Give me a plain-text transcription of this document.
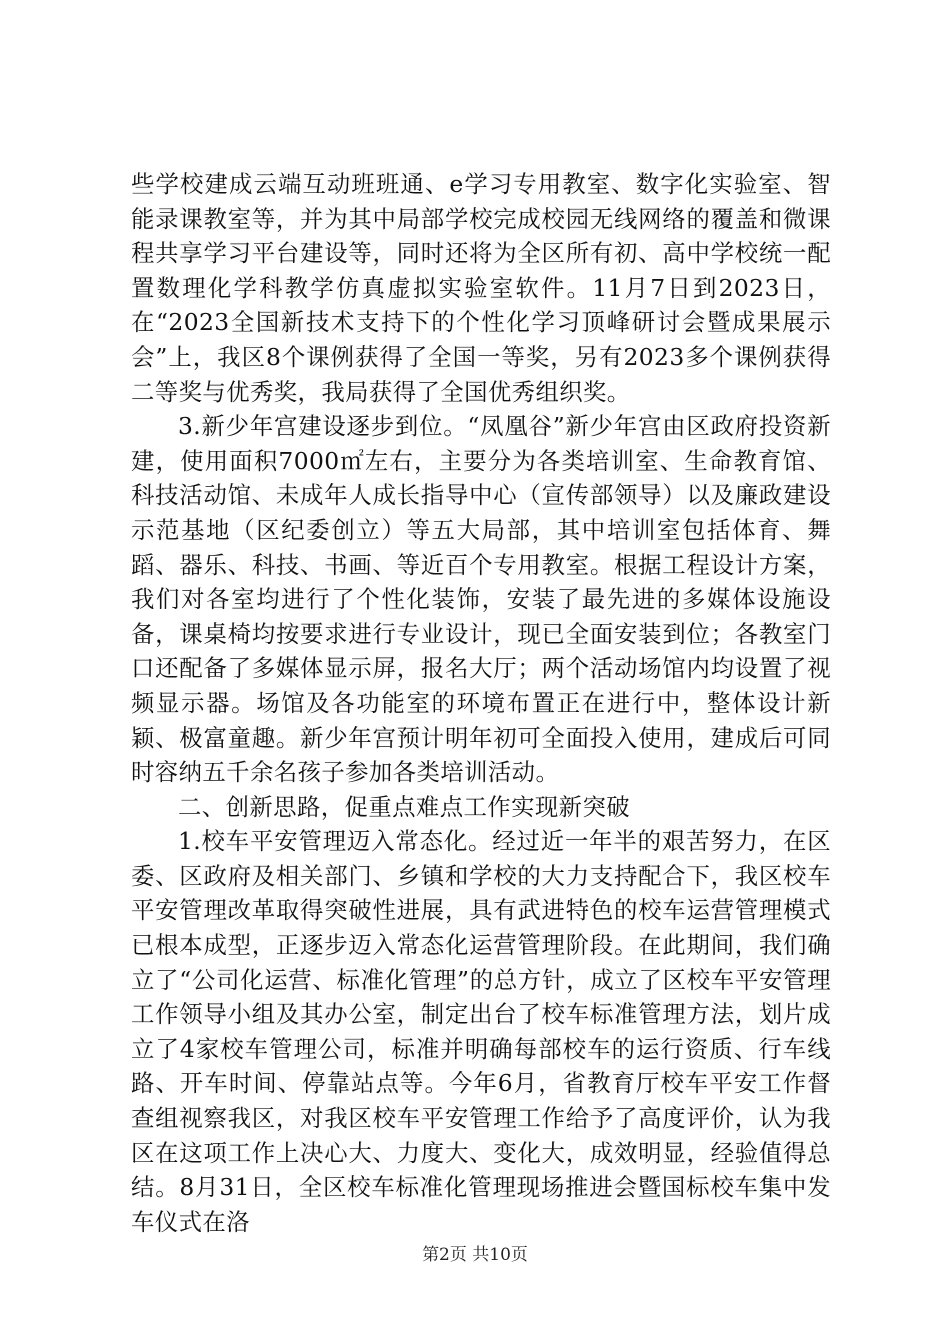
些学校建成云端互动班班通、e学习专用教室、数字化实验室、智能录课教室等，并为其中局部学校完成校园无线网络的覆盖和微课程共享学习平台建设等，同时还将为全区所有初、高中学校统一配置数理化学科教学仿真虚拟实验室软件。11月7日到2023日，在“2023全国新技术支持下的个性化学习顶峰研讨会暨成果展示会”上，我区8个课例获得了全国一等奖，另有2023多个课例获得二等奖与优秀奖，我局获得了全国优秀组织奖。

3.新少年宫建设逐步到位。“凤凰谷”新少年宫由区政府投资新建，使用面积7000㎡左右，主要分为各类培训室、生命教育馆、科技活动馆、未成年人成长指导中心（宣传部领导）以及廉政建设示范基地（区纪委创立）等五大局部，其中培训室包括体育、舞蹈、器乐、科技、书画、等近百个专用教室。根据工程设计方案，我们对各室均进行了个性化装饰，安装了最先进的多媒体设施设备，课桌椅均按要求进行专业设计，现已全面安装到位；各教室门口还配备了多媒体显示屏，报名大厅；两个活动场馆内均设置了视频显示器。场馆及各功能室的环境布置正在进行中，整体设计新颖、极富童趣。新少年宫预计明年初可全面投入使用，建成后可同时容纳五千余名孩子参加各类培训活动。

二、创新思路，促重点难点工作实现新突破

1.校车平安管理迈入常态化。经过近一年半的艰苦努力，在区委、区政府及相关部门、乡镇和学校的大力支持配合下，我区校车平安管理改革取得突破性进展，具有武进特色的校车运营管理模式已根本成型，正逐步迈入常态化运营管理阶段。在此期间，我们确立了“公司化运营、标准化管理”的总方针，成立了区校车平安管理工作领导小组及其办公室，制定出台了校车标准管理方法，划片成立了4家校车管理公司，标准并明确每部校车的运行资质、行车线路、开车时间、停靠站点等。今年6月，省教育厅校车平安工作督查组视察我区，对我区校车平安管理工作给予了高度评价，认为我区在这项工作上决心大、力度大、变化大，成效明显，经验值得总结。8月31日，全区校车标准化管理现场推进会暨国标校车集中发车仪式在洛

第2页 共10页
